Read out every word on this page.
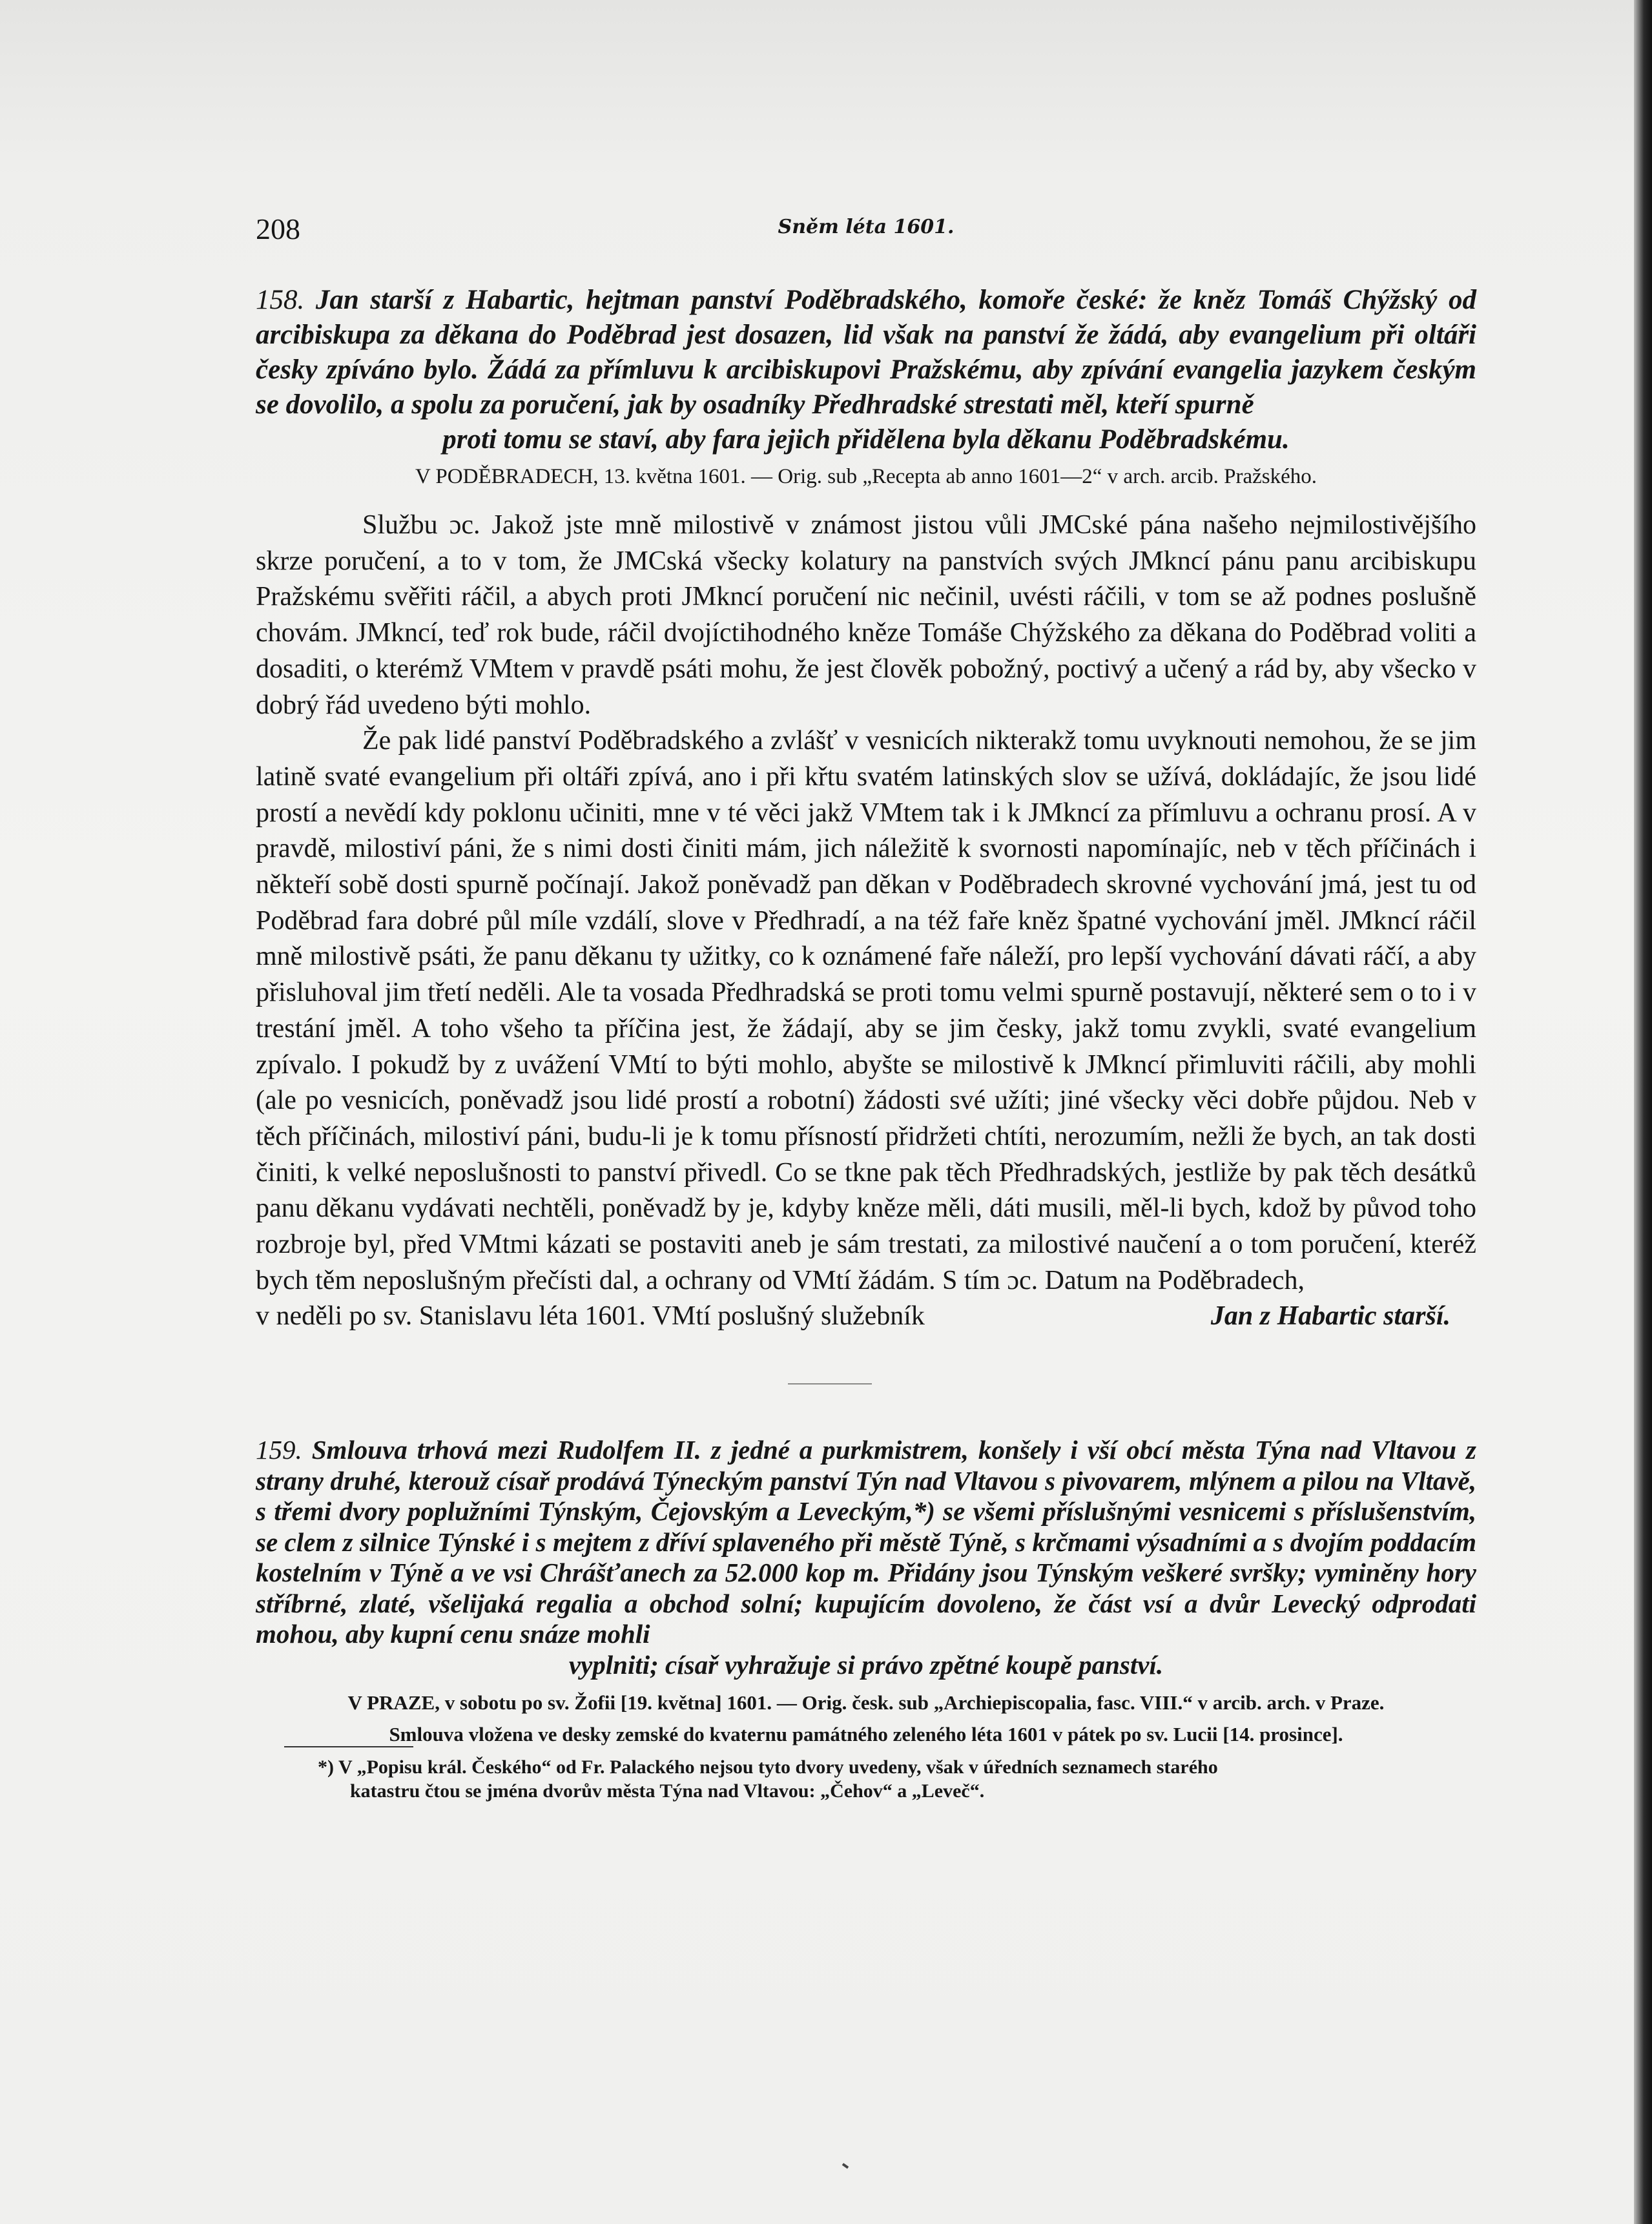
208	Sněm léta 1601.
158. Jan starší z Habartic, hejtman panství Poděbradského, komoře české: že kněz Tomáš Chýžský od arcibiskupa za děkana do Poděbrad jest dosazen, lid však na panství že žádá, aby evangelium při oltáři česky zpíváno bylo. Žádá za přímluvu k arcibiskupovi Pražskému, aby zpívání evangelia jazykem českým se dovolilo, a spolu za poručení, jak by osadníky Předhradské strestati měl, kteří spurně
proti tomu se staví, aby fara jejich přidělena byla děkanu Poděbradskému.
V PODĚBRADECH, 13. května 1601. — Orig. sub „Recepta ab anno 1601—2“ v arch. arcib. Pražského.

Službu ɔc. Jakož jste mně milostivě v známost jistou vůli JMCské pána našeho nejmilostivějšího skrze poručení, a to v tom, že JMCská všecky kolatury na panstvích svých JMkncí pánu panu arcibiskupu Pražskému svěřiti ráčil, a abych proti JMkncí poručení nic nečinil, uvésti ráčili, v tom se až podnes poslušně chovám. JMkncí, teď rok bude, ráčil dvojíctihodného kněze Tomáše Chýžského za děkana do Poděbrad voliti a dosaditi, o kterémž VMtem v pravdě psáti mohu, že jest člověk pobožný, poctivý a učený a rád by, aby všecko v dobrý řád uvedeno býti mohlo.

Že pak lidé panství Poděbradského a zvlášť v vesnicích nikterakž tomu uvyknouti nemohou, že se jim latině svaté evangelium při oltáři zpívá, ano i při křtu svatém latinských slov se užívá, dokládajíc, že jsou lidé prostí a nevědí kdy poklonu učiniti, mne v té věci jakž VMtem tak i k JMkncí za přímluvu a ochranu prosí. A v pravdě, milostiví páni, že s nimi dosti činiti mám, jich náležitě k svornosti napomínajíc, neb v těch příčinách i někteří sobě dosti spurně počínají. Jakož poněvadž pan děkan v Poděbradech skrovné vychování jmá, jest tu od Poděbrad fara dobré půl míle vzdálí, slove v Předhradí, a na též faře kněz špatné vychování jměl. JMkncí ráčil mně milostivě psáti, že panu děkanu ty užitky, co k oznámené faře náleží, pro lepší vychování dávati ráčí, a aby přisluhoval jim třetí neděli. Ale ta vosada Předhradská se proti tomu velmi spurně postavují, některé sem o to i v trestání jměl. A toho všeho ta příčina jest, že žádají, aby se jim česky, jakž tomu zvykli, svaté evangelium zpívalo. I pokudž by z uvážení VMtí to býti mohlo, abyšte se milostivě k JMkncí přimluviti ráčili, aby mohli (ale po vesnicích, poněvadž jsou lidé prostí a robotní) žádosti své užíti; jiné všecky věci dobře půjdou. Neb v těch příčinách, milostiví páni, budu-li je k tomu přísností přidržeti chtíti, nerozumím, nežli že bych, an tak dosti činiti, k velké neposlušnosti to panství přivedl. Co se tkne pak těch Předhradských, jestliže by pak těch desátků panu děkanu vydávati nechtěli, poněvadž by je, kdyby kněze měli, dáti musili, měl-li bych, kdož by původ toho rozbroje byl, před VMtmi kázati se postaviti aneb je sám trestati, za milostivé naučení a o tom poručení, kteréž bych těm neposlušným přečísti dal, a ochrany od VMtí žádám. S tím ɔc. Datum na Poděbradech,

v neděli po sv. Stanislavu léta 1601. VMtí poslušný služebník	Jan z Habartic starší.
159. Smlouva trhová mezi Rudolfem II. z jedné a purkmistrem, konšely i vší obcí města Týna nad Vltavou z strany druhé, kterouž císař prodává Týneckým panství Týn nad Vltavou s pivovarem, mlýnem a pilou na Vltavě, s třemi dvory poplužními Týnským, Čejovským a Leveckým,*) se všemi příslušnými vesnicemi s příslušenstvím, se clem z silnice Týnské i s mejtem z dříví splaveného při městě Týně, s krčmami výsadními a s dvojím poddacím kostelním v Týně a ve vsi Chrášťanech za 52.000 kop m. Přidány jsou Týnským veškeré svršky; vyminěny hory stříbrné, zlaté, všelijaká regalia a obchod solní; kupujícím dovoleno, že část vsí a dvůr Levecký odprodati mohou, aby kupní cenu snáze mohli
vyplniti; císař vyhražuje si právo zpětné koupě panství.
V PRAZE, v sobotu po sv. Žofii [19. května] 1601. — Orig. česk. sub „Archiepiscopalia, fasc. VIII.“ v arcib. arch. v Praze.
Smlouva vložena ve desky zemské do kvaternu památného zeleného léta 1601 v pátek po sv. Lucii [14. prosince].
*) V „Popisu král. Českého“ od Fr. Palackého nejsou tyto dvory uvedeny, však v úředních seznamech starého
katastru čtou se jména dvorův města Týna nad Vltavou: „Čehov“ a „Leveč“.
